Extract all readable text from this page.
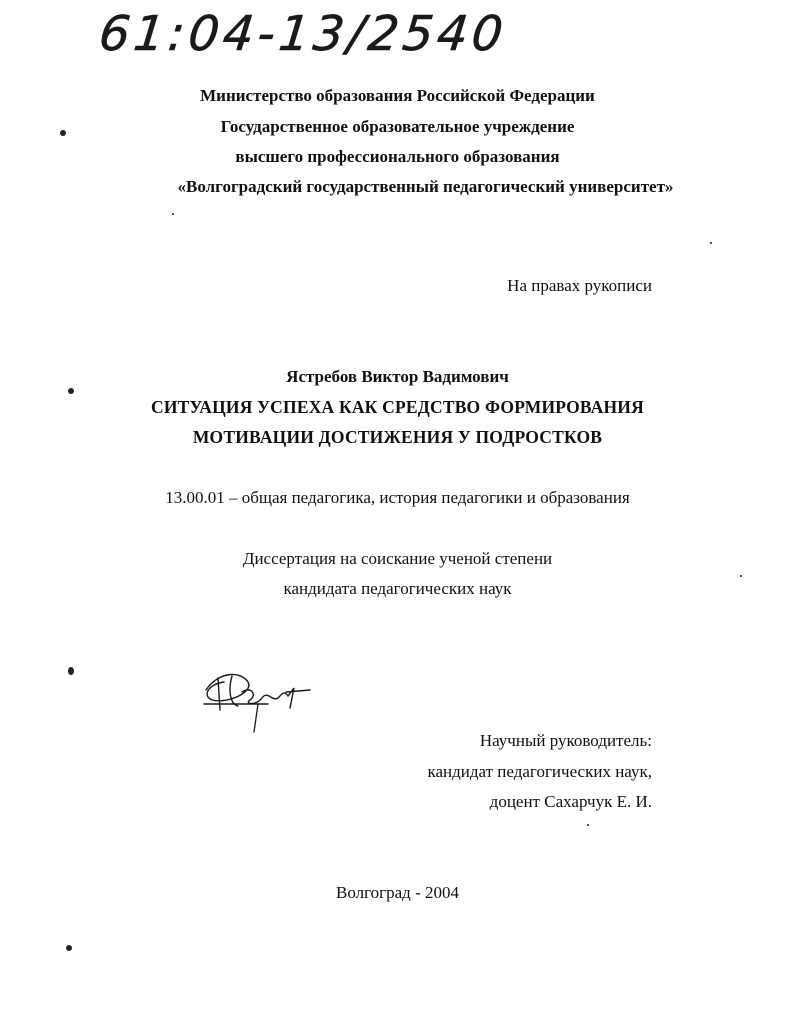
61:04-13/2540
Министерство образования Российской Федерации
Государственное образовательное учреждение
высшего профессионального образования
«Волгоградский государственный педагогический университет»
На правах рукописи
Ястребов Виктор Вадимович
СИТУАЦИЯ УСПЕХА КАК СРЕДСТВО ФОРМИРОВАНИЯ
МОТИВАЦИИ ДОСТИЖЕНИЯ У ПОДРОСТКОВ
13.00.01 – общая педагогика, история педагогики и образования
Диссертация на соискание ученой степени
кандидата педагогических наук
Научный руководитель:
кандидат педагогических наук,
доцент Сахарчук Е. И.
Волгоград - 2004
